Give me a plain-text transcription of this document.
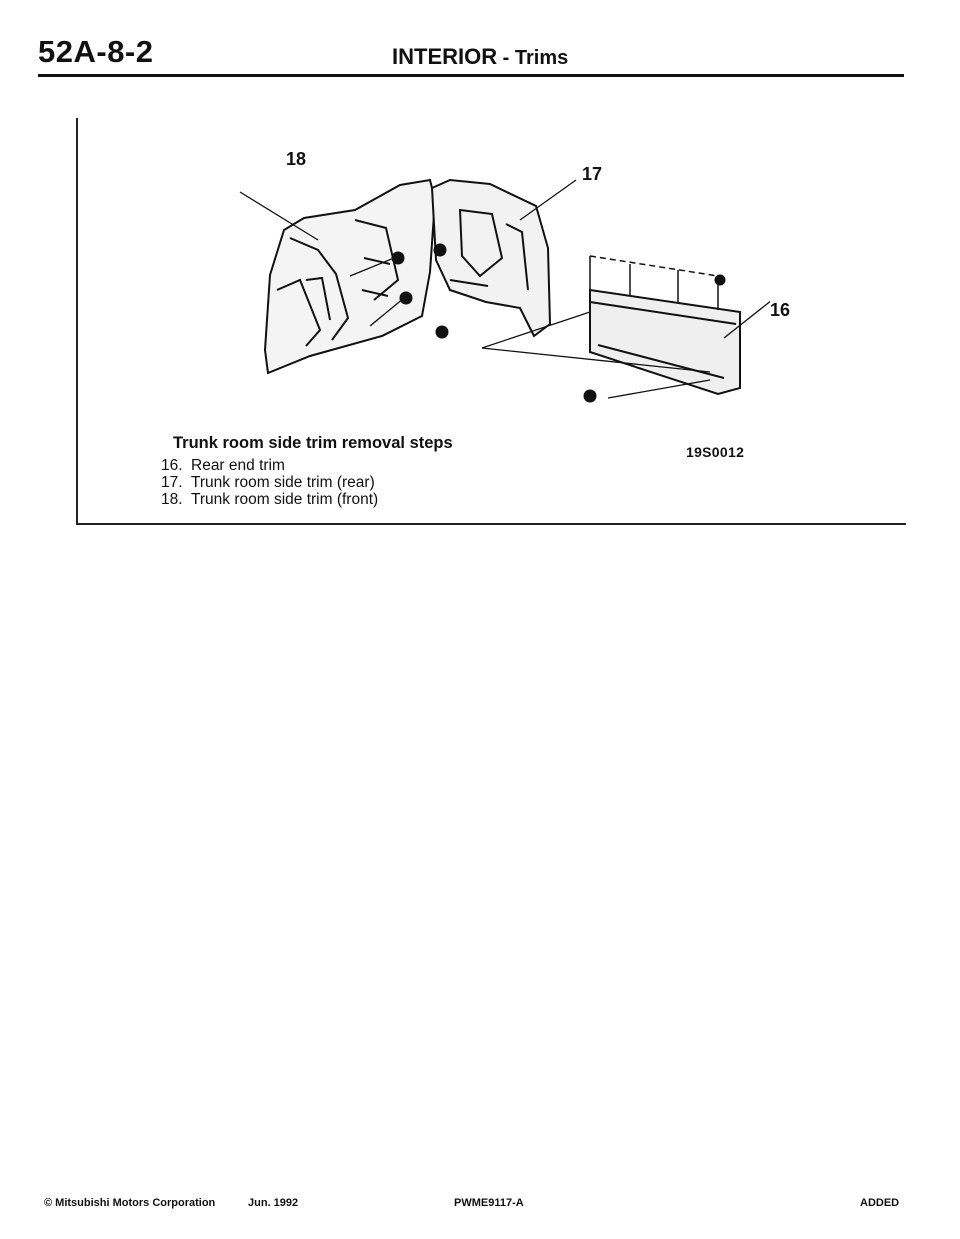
52A-8-2	INTERIOR - Trims
18
17
16
19S0012
Trunk room side trim removal steps
16. Rear end trim
17. Trunk room side trim (rear)
18. Trunk room side trim (front)
© Mitsubishi Motors Corporation	Jun. 1992	PWME9117-A	ADDED
